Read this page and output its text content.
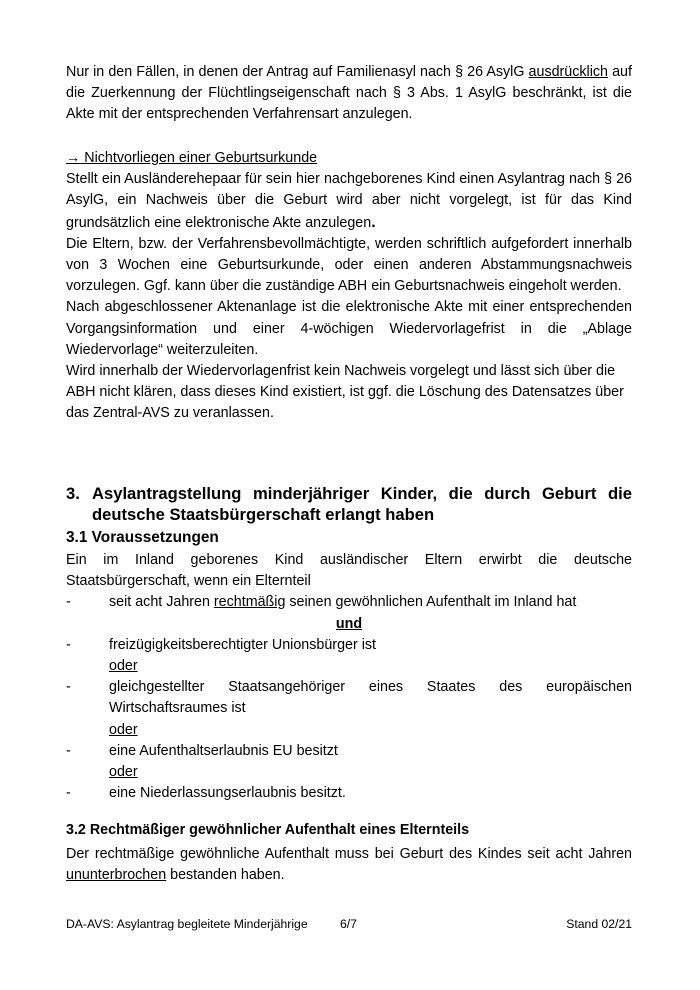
Nur in den Fällen, in denen der Antrag auf Familienasyl nach § 26 AsylG ausdrücklich auf
die Zuerkennung der Flüchtlingseigenschaft nach § 3 Abs. 1 AsylG beschränkt, ist die
Akte mit der entsprechenden Verfahrensart anzulegen.
→ Nichtvorliegen einer Geburtsurkunde
Stellt ein Ausländerehepaar für sein hier nachgeborenes Kind einen Asylantrag nach § 26
AsylG, ein Nachweis über die Geburt wird aber nicht vorgelegt, ist für das Kind
grundsätzlich eine elektronische Akte anzulegen.
Die Eltern, bzw. der Verfahrensbevollmächtigte, werden schriftlich aufgefordert innerhalb
von 3 Wochen eine Geburtsurkunde, oder einen anderen Abstammungsnachweis
vorzulegen. Ggf. kann über die zuständige ABH ein Geburtsnachweis eingeholt werden.
Nach abgeschlossener Aktenanlage ist die elektronische Akte mit einer entsprechenden
Vorgangsinformation und einer 4-wöchigen Wiedervorlagefrist in die „Ablage
Wiedervorlage“ weiterzuleiten.
Wird innerhalb der Wiedervorlagenfrist kein Nachweis vorgelegt und lässt sich über die
ABH nicht klären, dass dieses Kind existiert, ist ggf. die Löschung des Datensatzes über
das Zentral-AVS zu veranlassen.
3. Asylantragstellung minderjähriger Kinder, die durch Geburt die
deutsche Staatsbürgerschaft erlangt haben
3.1 Voraussetzungen
Ein im Inland geborenes Kind ausländischer Eltern erwirbt die deutsche
Staatsbürgerschaft, wenn ein Elternteil
-	seit acht Jahren rechtmäßig seinen gewöhnlichen Aufenthalt im Inland hat
und
-	freizügigkeitsberechtigter Unionsbürger ist
oder
-	gleichgestellter Staatsangehöriger eines Staates des europäischen
Wirtschaftsraumes ist
oder
-	eine Aufenthaltserlaubnis EU besitzt
oder
-	eine Niederlassungserlaubnis besitzt.
3.2 Rechtmäßiger gewöhnlicher Aufenthalt eines Elternteils
Der rechtmäßige gewöhnliche Aufenthalt muss bei Geburt des Kindes seit acht Jahren
ununterbrochen bestanden haben.
DA-AVS: Asylantrag begleitete Minderjährige	6/7	Stand 02/21
